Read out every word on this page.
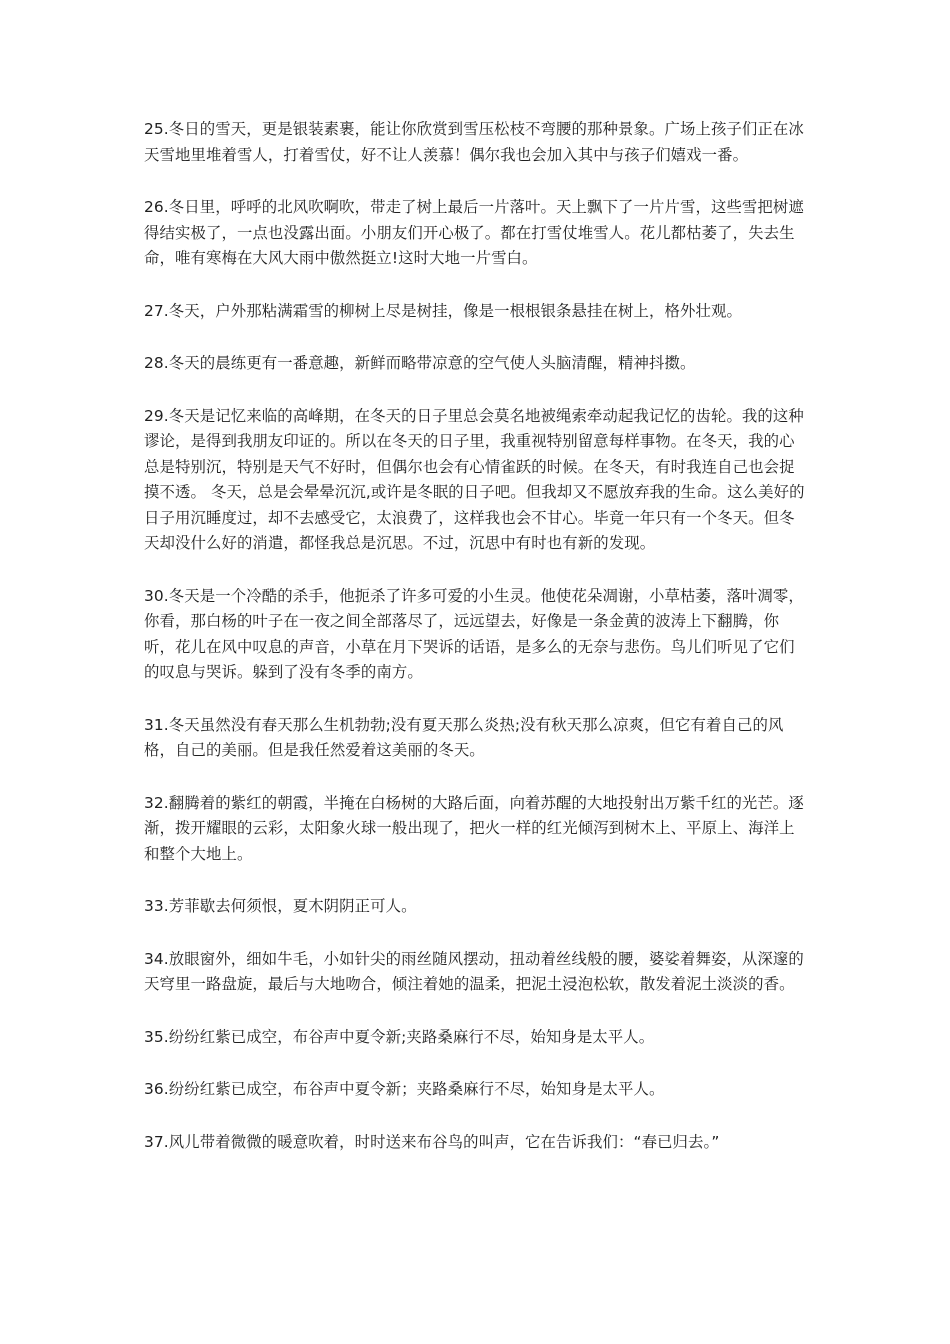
25.冬日的雪天，更是银装素裹，能让你欣赏到雪压松枝不弯腰的那种景象。广场上孩子们正在冰天雪地里堆着雪人，打着雪仗，好不让人羡慕！偶尔我也会加入其中与孩子们嬉戏一番。

26.冬日里，呼呼的北风吹啊吹，带走了树上最后一片落叶。天上飘下了一片片雪，这些雪把树遮得结实极了，一点也没露出面。小朋友们开心极了。都在打雪仗堆雪人。花儿都枯萎了，失去生命，唯有寒梅在大风大雨中傲然挺立!这时大地一片雪白。

27.冬天，户外那粘满霜雪的柳树上尽是树挂，像是一根根银条悬挂在树上，格外壮观。

28.冬天的晨练更有一番意趣，新鲜而略带凉意的空气使人头脑清醒，精神抖擞。

29.冬天是记忆来临的高峰期，在冬天的日子里总会莫名地被绳索牵动起我记忆的齿轮。我的这种谬论，是得到我朋友印证的。所以在冬天的日子里，我重视特别留意每样事物。在冬天，我的心总是特别沉，特别是天气不好时，但偶尔也会有心情雀跃的时候。在冬天，有时我连自己也会捉摸不透。 冬天，总是会晕晕沉沉,或许是冬眠的日子吧。但我却又不愿放弃我的生命。这么美好的日子用沉睡度过，却不去感受它，太浪费了，这样我也会不甘心。毕竟一年只有一个冬天。但冬天却没什么好的消遣，都怪我总是沉思。不过，沉思中有时也有新的发现。

30.冬天是一个冷酷的杀手，他扼杀了许多可爱的小生灵。他使花朵凋谢，小草枯萎，落叶凋零，你看，那白杨的叶子在一夜之间全部落尽了，远远望去，好像是一条金黄的波涛上下翻腾，你听，花儿在风中叹息的声音，小草在月下哭诉的话语，是多么的无奈与悲伤。鸟儿们听见了它们的叹息与哭诉。躲到了没有冬季的南方。

31.冬天虽然没有春天那么生机勃勃;没有夏天那么炎热;没有秋天那么凉爽，但它有着自己的风格，自己的美丽。但是我任然爱着这美丽的冬天。

32.翻腾着的紫红的朝霞，半掩在白杨树的大路后面，向着苏醒的大地投射出万紫千红的光芒。逐渐，拨开耀眼的云彩，太阳象火球一般出现了，把火一样的红光倾泻到树木上、平原上、海洋上和整个大地上。

33.芳菲歇去何须恨，夏木阴阴正可人。

34.放眼窗外，细如牛毛，小如针尖的雨丝随风摆动，扭动着丝线般的腰，婆娑着舞姿，从深邃的天穹里一路盘旋，最后与大地吻合，倾注着她的温柔，把泥土浸泡松软，散发着泥土淡淡的香。

35.纷纷红紫已成空，布谷声中夏令新;夹路桑麻行不尽，始知身是太平人。

36.纷纷红紫已成空，布谷声中夏令新；夹路桑麻行不尽，始知身是太平人。

37.风儿带着微微的暖意吹着，时时送来布谷鸟的叫声，它在告诉我们：“春已归去。”
